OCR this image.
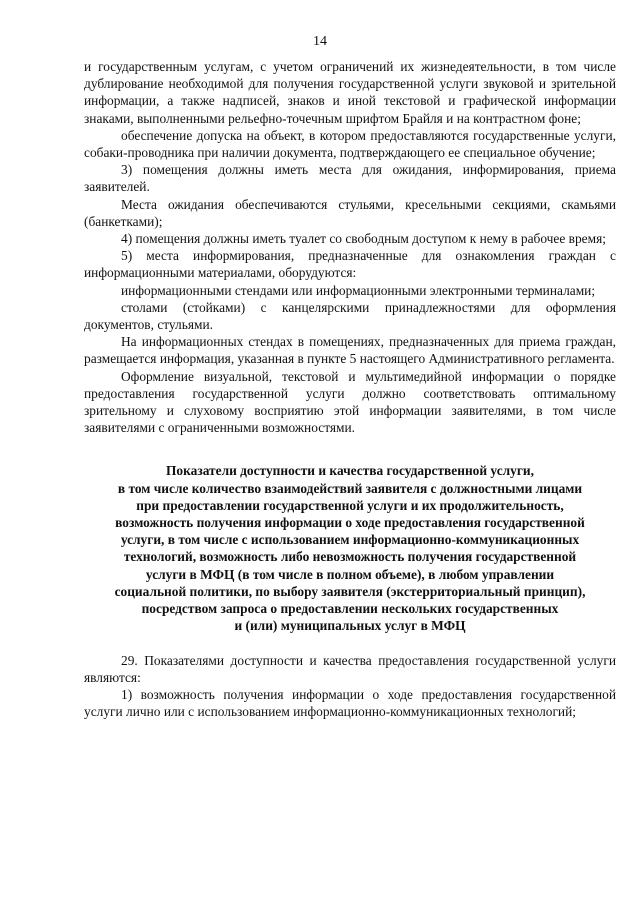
14

и государственным услугам, с учетом ограничений их жизнедеятельности, в том числе дублирование необходимой для получения государственной услуги звуковой и зрительной информации, а также надписей, знаков и иной текстовой и графической информации знаками, выполненными рельефно-точечным шрифтом Брайля и на контрастном фоне;

обеспечение допуска на объект, в котором предоставляются государственные услуги, собаки-проводника при наличии документа, подтверждающего ее специальное обучение;

3) помещения должны иметь места для ожидания, информирования, приема заявителей.

Места ожидания обеспечиваются стульями, кресельными секциями, скамьями (банкетками);

4) помещения должны иметь туалет со свободным доступом к нему в рабочее время;

5) места информирования, предназначенные для ознакомления граждан с информационными материалами, оборудуются:

информационными стендами или информационными электронными терминалами;

столами (стойками) с канцелярскими принадлежностями для оформления документов, стульями.

На информационных стендах в помещениях, предназначенных для приема граждан, размещается информация, указанная в пункте 5 настоящего Административного регламента.

Оформление визуальной, текстовой и мультимедийной информации о порядке предоставления государственной услуги должно соответствовать оптимальному зрительному и слуховому восприятию этой информации заявителями, в том числе заявителями с ограниченными возможностями.

Показатели доступности и качества государственной услуги,
в том числе количество взаимодействий заявителя с должностными лицами
при предоставлении государственной услуги и их продолжительность,
возможность получения информации о ходе предоставления государственной
услуги, в том числе с использованием информационно-коммуникационных
технологий, возможность либо невозможность получения государственной
услуги в МФЦ (в том числе в полном объеме), в любом управлении
социальной политики, по выбору заявителя (экстерриториальный принцип),
посредством запроса о предоставлении нескольких государственных
и (или) муниципальных услуг в МФЦ

29. Показателями доступности и качества предоставления государственной услуги являются:

1) возможность получения информации о ходе предоставления государственной услуги лично или с использованием информационно-коммуникационных технологий;
